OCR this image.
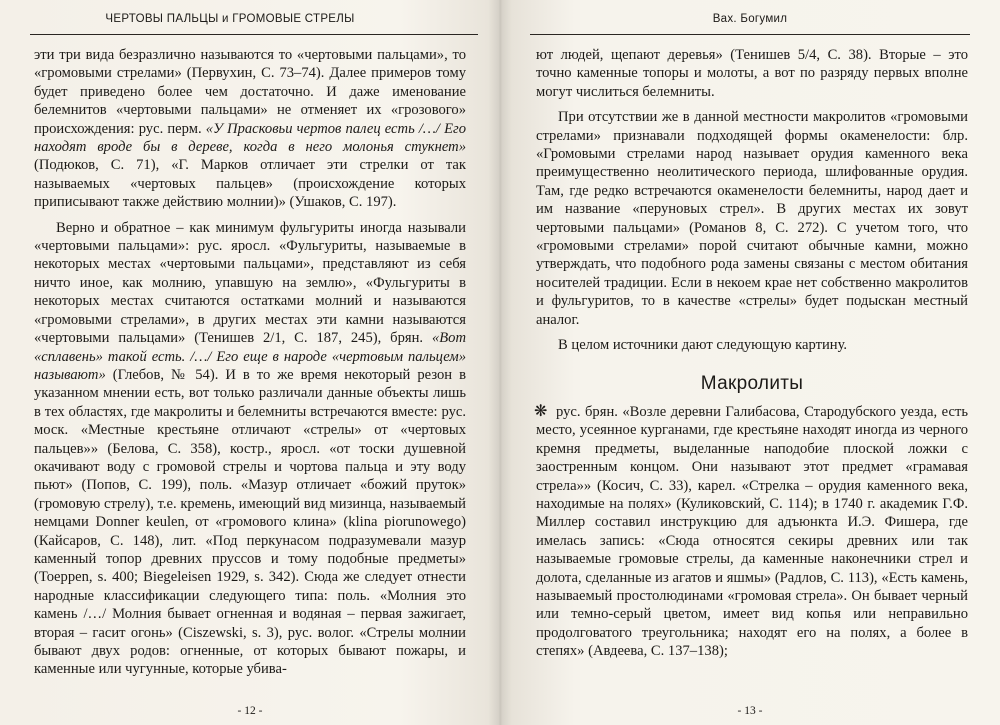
ЧЕРТОВЫ ПАЛЬЦЫ и ГРОМОВЫЕ СТРЕЛЫ

эти три вида безразлично называются то «чертовыми пальцами», то «громовыми стрелами» (Первухин, С. 73–74). Далее примеров тому будет приведено более чем достаточно. И даже именование белемнитов «чертовыми пальцами» не отменяет их «грозового» происхождения: рус. перм. «У Прасковьи чертов палец есть /…/ Его находят вроде бы в дереве, когда в него молонья стукнет» (Подюков, С. 71), «Г. Марков отличает эти стрелки от так называемых «чертовых пальцев» (происхождение которых приписывают также действию молнии)» (Ушаков, С. 197).

Верно и обратное – как минимум фульгуриты иногда называли «чертовыми пальцами»: рус. яросл. «Фульгуриты, называемые в некоторых местах «чертовыми пальцами», представляют из себя ничто иное, как молнию, упавшую на землю», «Фульгуриты в некоторых местах считаются остатками молний и называются «громовыми стрелами», в других местах эти камни называются «чертовыми пальцами» (Тенишев 2/1, С. 187, 245), брян. «Вот «сплавень» такой есть. /…/ Его еще в народе «чертовым пальцем» называют» (Глебов, № 54). И в то же время некоторый резон в указанном мнении есть, вот только различали данные объекты лишь в тех областях, где макролиты и белемниты встречаются вместе: рус. моск. «Местные крестьяне отличают «стрелы» от «чертовых пальцев»» (Белова, С. 358), костр., яросл. «от тоски душевной окачивают воду с громовой стрелы и чортова пальца и эту воду пьют» (Попов, С. 199), поль. «Мазур отличает «божий пруток» (громовую стрелу), т.е. кремень, имеющий вид мизинца, называемый немцами Donner keulen, от «громового клина» (klina piorunowego) (Кайсаров, С. 148), лит. «Под перкунасом подразумевали мазур каменный топор древних пруссов и тому подобные предметы» (Toeppen, s. 400; Biegeleisen 1929, s. 342). Сюда же следует отнести народные классификации следующего типа: поль. «Молния это камень /…/ Молния бывает огненная и водяная – первая зажигает, вторая – гасит огонь» (Ciszewski, s. 3), рус. волог. «Стрелы молнии бывают двух родов: огненные, от которых бывают пожары, и каменные или чугунные, которые убива-

- 12 -
Вах. Богумил

ют людей, щепают деревья» (Тенишев 5/4, С. 38). Вторые – это точно каменные топоры и молоты, а вот по разряду первых вполне могут числиться белемниты.

При отсутствии же в данной местности макролитов «громовыми стрелами» признавали подходящей формы окаменелости: блр. «Громовыми стрелами народ называет орудия каменного века преимущественно неолитического периода, шлифованные орудия. Там, где редко встречаются окаменелости белемниты, народ дает и им название «перуновых стрел». В других местах их зовут чертовыми пальцами» (Романов 8, С. 272). С учетом того, что «громовыми стрелами» порой считают обычные камни, можно утверждать, что подобного рода замены связаны с местом обитания носителей традиции. Если в некоем крае нет собственно макролитов и фульгуритов, то в качестве «стрелы» будет подыскан местный аналог.

В целом источники дают следующую картину.

Макролиты

❋ рус. брян. «Возле деревни Галибасова, Стародубского уезда, есть место, усеянное курганами, где крестьяне находят иногда из черного кремня предметы, выделанные наподобие плоской ложки с заостренным концом. Они называют этот предмет «грамавая стрела»» (Косич, С. 33), карел. «Стрелка – орудия каменного века, находимые на полях» (Куликовский, С. 114); в 1740 г. академик Г.Ф. Миллер составил инструкцию для адъюнкта И.Э. Фишера, где имелась запись: «Сюда относятся секиры древних или так называемые громовые стрелы, да каменные наконечники стрел и долота, сделанные из агатов и яшмы» (Радлов, С. 113), «Есть камень, называемый простолюдинами «громовая стрела». Он бывает черный или темно-серый цветом, имеет вид копья или неправильно продолговатого треугольника; находят его на полях, а более в степях» (Авдеева, С. 137–138);

- 13 -
